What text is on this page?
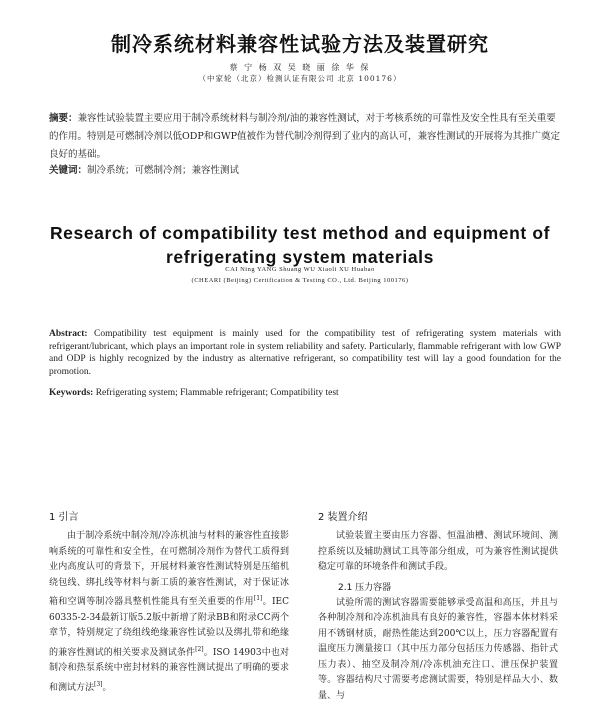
制冷系统材料兼容性试验方法及装置研究
蔡 宁 杨 双 吴 晓 丽 徐 华 保
（中家轮（北京）检测认证有限公司 北京 100176）
摘要：兼容性试验装置主要应用于制冷系统材料与制冷剂/油的兼容性测试，对于考核系统的可靠性及安全性具有至关重要的作用。特别是可燃制冷剂以低ODP和GWP值被作为替代制冷剂得到了业内的高认可，兼容性测试的开展将为其推广奠定良好的基础。
关键词：制冷系统；可燃制冷剂；兼容性测试
Research of compatibility test method and equipment of
refrigerating system materials
CAI Ning YANG Shuang WU Xiaoli XU Huabao
(CHEARI (Beijing) Certification & Testing CO., Ltd. Beijing 100176)
Abstract: Compatibility test equipment is mainly used for the compatibility test of refrigerating system materials with refrigerant/lubricant, which plays an important role in system reliability and safety. Particularly, flammable refrigerant with low GWP and ODP is highly recognized by the industry as alternative refrigerant, so compatibility test will lay a good foundation for the promotion.
Keywords: Refrigerating system; Flammable refrigerant; Compatibility test
1 引言

由于制冷系统中制冷剂/冷冻机油与材料的兼容性直接影响系统的可靠性和安全性，在可燃制冷剂作为替代工质得到业内高度认可的背景下，开展材料兼容性测试特别是压缩机绕包线、绑扎线等材料与新工质的兼容性测试，对于保证冰箱和空调等制冷器具整机性能具有至关重要的作用[1]。IEC 60335-2-34最新订版5.2版中新增了附录BB和附录CC两个章节，特别规定了绕组线绝缘兼容性试验以及绑扎带和绝缘的兼容性测试的相关要求及测试条件[2]。ISO 14903中也对制冷和热泵系统中密封材料的兼容性测试提出了明确的要求和测试方法[3]。

2 装置介绍

试验装置主要由压力容器、恒温油槽、测试环境间、测控系统以及辅助测试工具等部分组成，可为兼容性测试提供稳定可靠的环境条件和测试手段。

2.1 压力容器

试验所需的测试容器需要能够承受高温和高压，并且与各种制冷剂和冷冻机油具有良好的兼容性，容器本体材料采用不锈钢材质，耐热性能达到200℃以上，压力容器配置有温度压力测量接口（其中压力部分包括压力传感器、指针式压力表）、抽空及制冷剂/冷冻机油充注口、泄压保护装置等。容器结构尺寸需要考虑测试需要，特别是样品大小、数量、与
